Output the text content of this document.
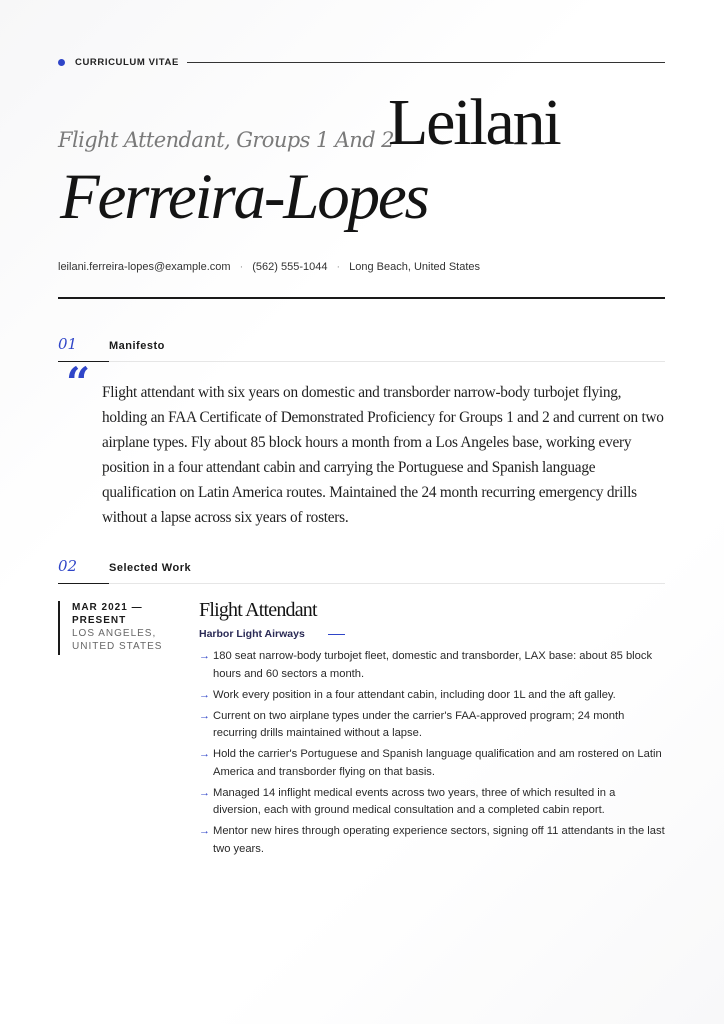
CURRICULUM VITAE
Flight Attendant, Groups 1 And 2
Leilani
Ferreira-Lopes
leilani.ferreira-lopes@example.com · (562) 555-1044 · Long Beach, United States
01	Manifesto
“ Flight attendant with six years on domestic and transborder narrow-body turbojet flying, holding an FAA Certificate of Demonstrated Proficiency for Groups 1 and 2 and current on two airplane types. Fly about 85 block hours a month from a Los Angeles base, working every position in a four attendant cabin and carrying the Portuguese and Spanish language qualification on Latin America routes. Maintained the 24 month recurring emergency drills without a lapse across six years of rosters.
02	Selected Work
MAR 2021 — PRESENT
LOS ANGELES, UNITED STATES
Flight Attendant
Harbor Light Airways
→ 180 seat narrow-body turbojet fleet, domestic and transborder, LAX base: about 85 block hours and 60 sectors a month.
→ Work every position in a four attendant cabin, including door 1L and the aft galley.
→ Current on two airplane types under the carrier's FAA-approved program; 24 month recurring drills maintained without a lapse.
→ Hold the carrier's Portuguese and Spanish language qualification and am rostered on Latin America and transborder flying on that basis.
→ Managed 14 inflight medical events across two years, three of which resulted in a diversion, each with ground medical consultation and a completed cabin report.
→ Mentor new hires through operating experience sectors, signing off 11 attendants in the last two years.
